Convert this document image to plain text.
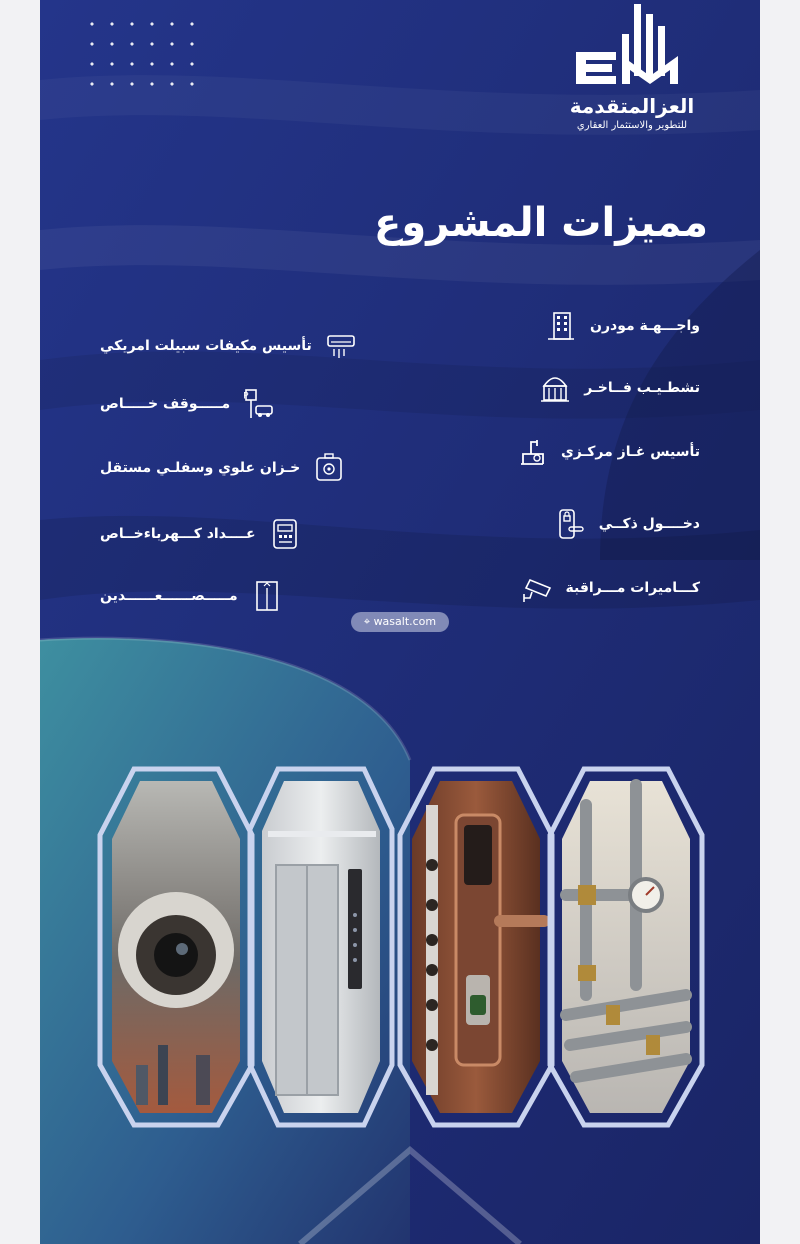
العزالمتقدمة
للتطوير والاستثمار العقاري
مميزات المشروع
واجـــهـة مودرن
تشطـيـب فــاخـر
تأسيس غـاز مركـزي
دخــــول ذكــي
كـــاميرات مـــراقبة
تأسيس مكيفات سبيلت امريكي
مـــــوقف خـــــاص P
خـزان علوي وسفلـي مستقل
عــــداد كـــهرباءخــاص
مـــــصــــــعــــــدين
⌖ wasalt.com
